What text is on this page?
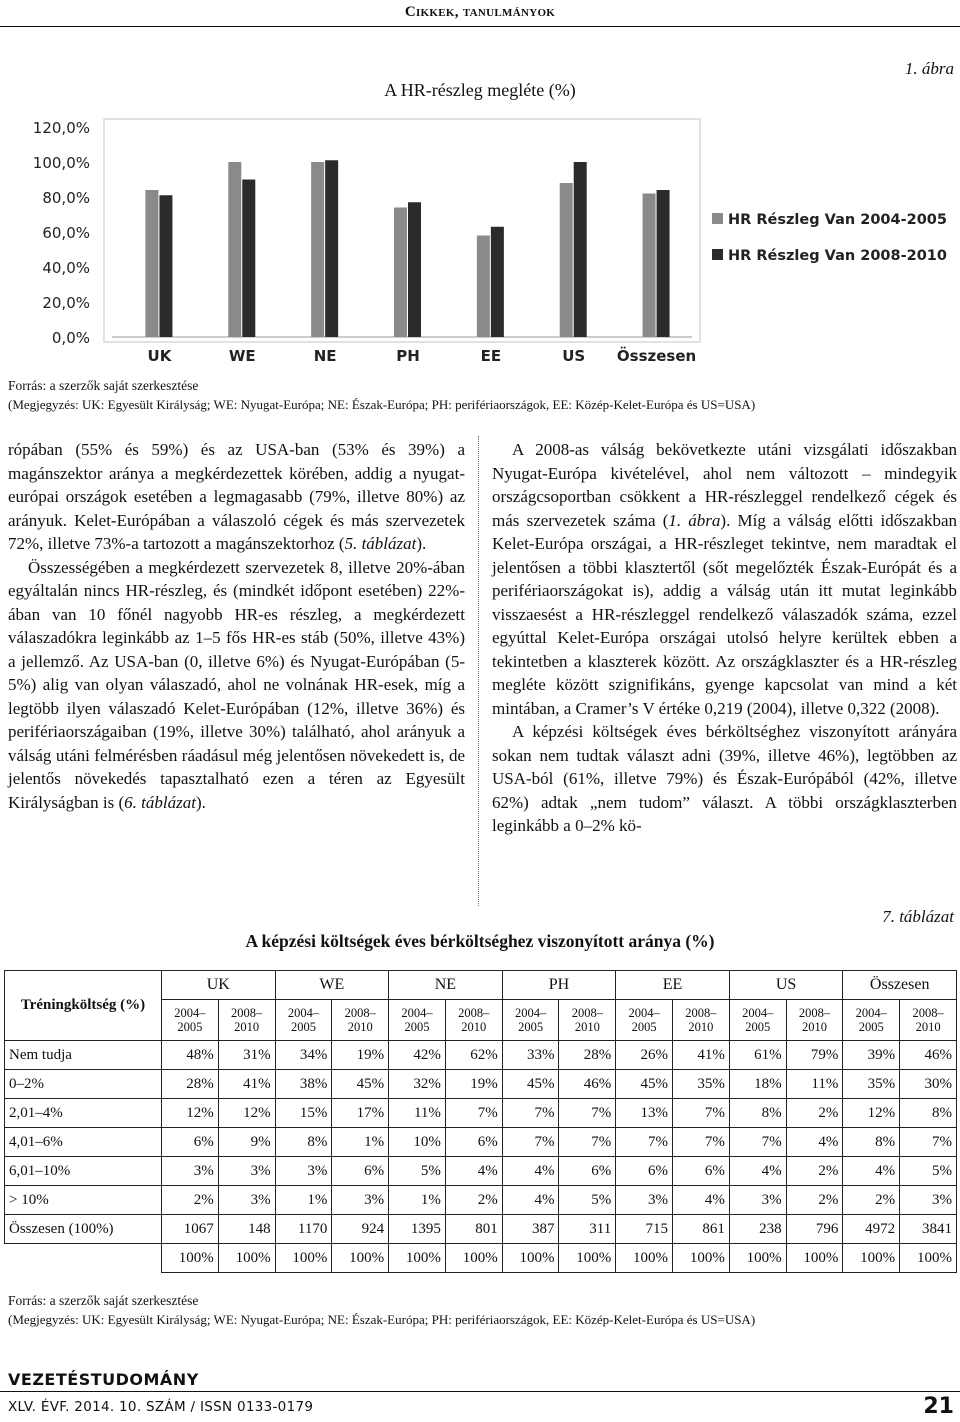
Cikkek, tanulmányok
1. ábra
A HR-részleg megléte (%)
0,0%
20,0%
40,0%
60,0%
80,0%
100,0%
120,0%
UK	WE	NE	PH	EE	US Összesen
HR Részleg Van 2004-2005
HR Részleg Van 2008-2010
Forrás: a szerzők saját szerkesztése
(Megjegyzés: UK: Egyesült Királyság; WE: Nyugat-Európa; NE: Észak-Európa; PH: perifériaországok, EE: Közép-Kelet-Európa és US=USA)

rópában (55% és 59%) és az USA-ban (53% és 39%) a magánszektor aránya a megkérdezettek körében, addig a nyugat-európai országok esetében a legmagasabb (79%, illetve 80%) az arányuk. Kelet-Európában a válaszoló cégek és más szervezetek 72%, illetve 73%-a tartozott a magánszektorhoz (5. táblázat).

Összességében a megkérdezett szervezetek 8, illetve 20%-ában egyáltalán nincs HR-részleg, és (mindkét időpont esetében) 22%-ában van 10 főnél nagyobb HR-es részleg, a megkérdezett válaszadókra leginkább az 1–5 fős HR-es stáb (50%, illetve 43%) a jellemző. Az USA-ban (0, illetve 6%) és Nyugat-Európában (5-5%) alig van olyan válaszadó, ahol ne volnának HR-esek, míg a legtöbb ilyen válaszadó Kelet-Európában (12%, illetve 36%) és perifériaországaiban (19%, illetve 30%) található, ahol arányuk a válság utáni felmérésben ráadásul még jelentősen növekedett is, de jelentős növekedés tapasztalható ezen a téren az Egyesült Királyságban is (6. táblázat).

A 2008-as válság bekövetkezte utáni vizsgálati időszakban Nyugat-Európa kivételével, ahol nem változott – mindegyik országcsoportban csökkent a HR-részleggel rendelkező cégek és más szervezetek száma (1. ábra). Míg a válság előtti időszakban Kelet-Európa országai, a HR-részleget tekintve, nem maradtak el jelentősen a többi klasztertől (sőt megelőzték Észak-Európát és a perifériaországokat is), addig a válság után itt mutat leginkább visszaesést a HR-részleggel rendelkező válaszadók száma, ezzel egyúttal Kelet-Európa országai utolsó helyre kerültek ebben a tekintetben a klaszterek között. Az országklaszter és a HR-részleg megléte között szignifikáns, gyenge kapcsolat van mind a két mintában, a Cramer’s V értéke 0,219 (2004), illetve 0,322 (2008).

A képzési költségek éves bérköltséghez viszonyított arányára sokan nem tudtak választ adni (39%, illetve 46%), legtöbben az USA-ból (61%, illetve 79%) és Észak-Európából (42%, illetve 62%) adtak „nem tudom” választ. A többi országklaszterben leginkább a 0–2% kö-

7. táblázat
A képzési költségek éves bérköltséghez viszonyított aránya (%)
Tréningköltség (%)	UK		WE		NE		PH		EE		US		Összesen	
	2004–
2005	2008–
2010	2004–
2005	2008–
2010	2004–
2005	2008–
2010	2004–
2005	2008–
2010	2004–
2005	2008–
2010	2004–
2005	2008–
2010	2004–
2005	2008–
2010
Nem tudja	48%	31%	34%	19%	42%	62%	33%	28%	26%	41%	61%	79%	39%	46%
0–2%	28%	41%	38%	45%	32%	19%	45%	46%	45%	35%	18%	11%	35%	30%
2,01–4%	12%	12%	15%	17%	11%	7%	7%	7%	13%	7%	8%	2%	12%	8%
4,01–6%	6%	9%	8%	1%	10%	6%	7%	7%	7%	7%	7%	4%	8%	7%
6,01–10%	3%	3%	3%	6%	5%	4%	4%	6%	6%	6%	4%	2%	4%	5%
> 10%	2%	3%	1%	3%	1%	2%	4%	5%	3%	4%	3%	2%	2%	3%
Összesen (100%)	1067	148	1170	924	1395	801	387	311	715	861	238	796	4972	3841
	100%	100%	100%	100%	100%	100%	100%	100%	100%	100%	100%	100%	100%	100%
Forrás: a szerzők saját szerkesztése
(Megjegyzés: UK: Egyesült Királyság; WE: Nyugat-Európa; NE: Észak-Európa; PH: perifériaországok, EE: Közép-Kelet-Európa és US=USA)
VEZETÉSTUDOMÁNY
XLV. ÉVF. 2014. 10. SZÁM / ISSN 0133-0179	21
